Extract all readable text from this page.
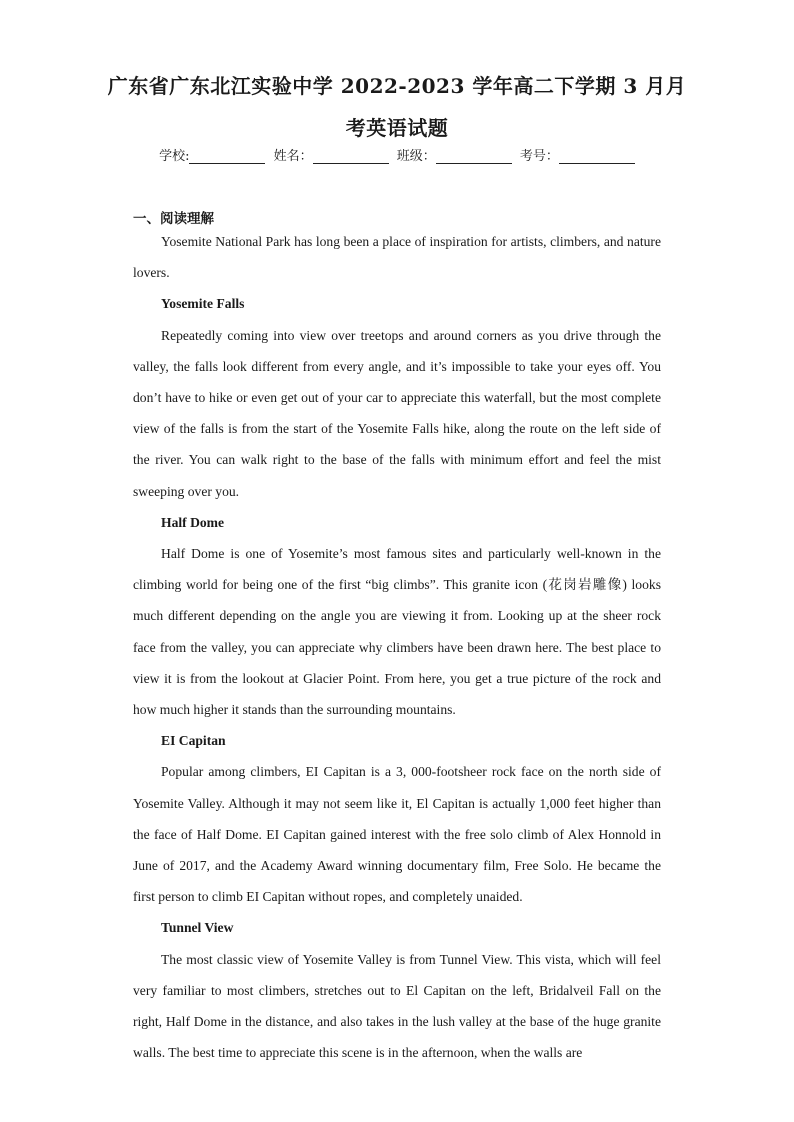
广东省广东北江实验中学 2022-2023 学年高二下学期 3 月月
考英语试题
学校:	姓名：	班级：	考号：
一、阅读理解

Yosemite National Park has long been a place of inspiration for artists, climbers, and nature lovers.

Yosemite Falls

Repeatedly coming into view over treetops and around corners as you drive through the valley, the falls look different from every angle, and it’s impossible to take your eyes off. You don’t have to hike or even get out of your car to appreciate this waterfall, but the most complete view of the falls is from the start of the Yosemite Falls hike, along the route on the left side of the river. You can walk right to the base of the falls with minimum effort and feel the mist sweeping over you.

Half Dome

Half Dome is one of Yosemite’s most famous sites and particularly well-known in the climbing world for being one of the first “big climbs”. This granite icon (花岗岩雕像) looks much different depending on the angle you are viewing it from. Looking up at the sheer rock face from the valley, you can appreciate why climbers have been drawn here. The best place to view it is from the lookout at Glacier Point. From here, you get a true picture of the rock and how much higher it stands than the surrounding mountains.

EI Capitan

Popular among climbers, EI Capitan is a 3, 000-footsheer rock face on the north side of Yosemite Valley. Although it may not seem like it, El Capitan is actually 1,000 feet higher than the face of Half Dome. EI Capitan gained interest with the free solo climb of Alex Honnold in June of 2017, and the Academy Award winning documentary film, Free Solo. He became the first person to climb EI Capitan without ropes, and completely unaided.

Tunnel View

The most classic view of Yosemite Valley is from Tunnel View. This vista, which will feel very familiar to most climbers, stretches out to El Capitan on the left, Bridalveil Fall on the right, Half Dome in the distance, and also takes in the lush valley at the base of the huge granite walls. The best time to appreciate this scene is in the afternoon, when the walls are
